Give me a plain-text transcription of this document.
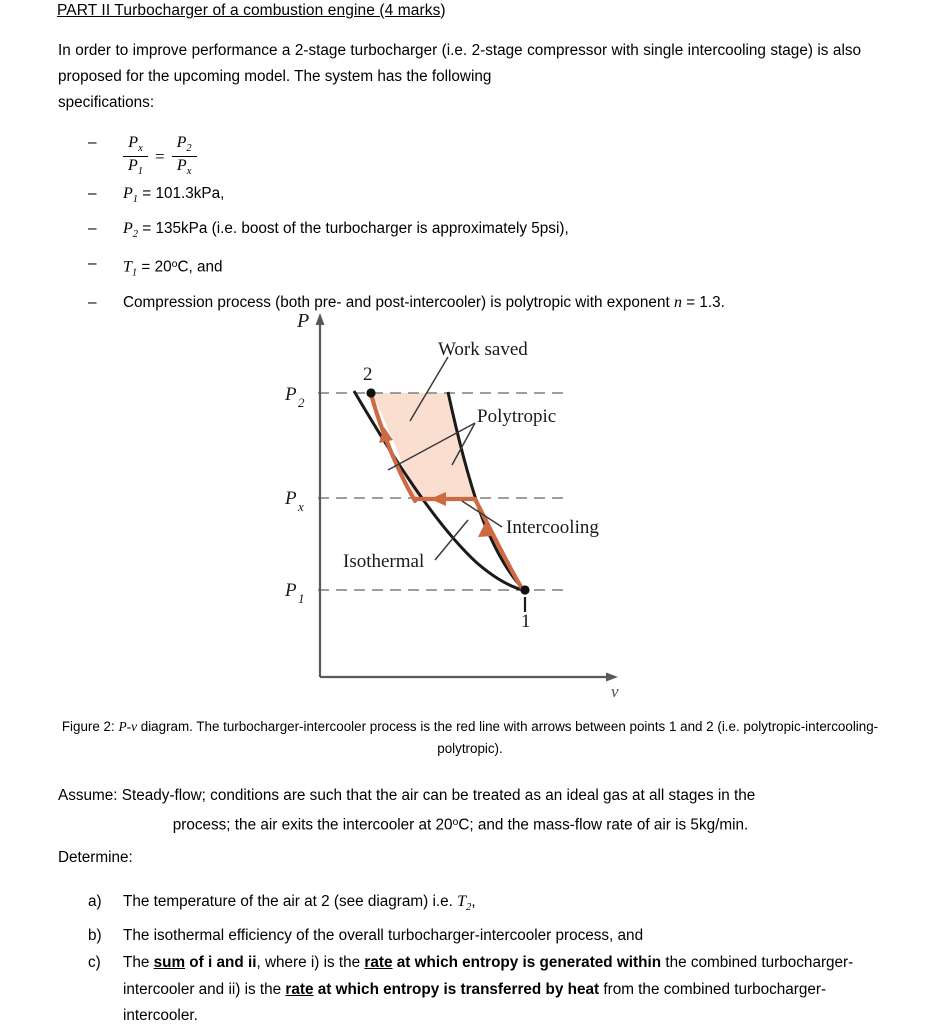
PART II Turbocharger of a combustion engine (4 marks)
In order to improve performance a 2-stage turbocharger (i.e. 2-stage compressor with single intercooling stage) is also proposed for the upcoming model. The system has the following
specifications:
–	$\frac{P_x}{P_1} = \frac{P_2}{P_x}$
–	$P_1 = 101.3kPa$,
–	$P_2 = 135kPa$ (i.e. boost of the turbocharger is approximately 5psi),
–	$T_1 = 20^oC$, and
–	Compression process (both pre- and post-intercooler) is polytropic with exponent n = 1.3.
P
v
P 2
P x
P 1
2
1
Work saved
Polytropic
Intercooling
Isothermal
Figure 2: P-v diagram. The turbocharger-intercooler process is the red line with arrows between points 1 and 2 (i.e. polytropic-intercooling-polytropic).
Assume: Steady-flow; conditions are such that the air can be treated as an ideal gas at all stages in the
process; the air exits the intercooler at 20$^o$C; and the mass-flow rate of air is 5kg/min.
Determine:
a)	The temperature of the air at 2 (see diagram) i.e. $T_2$,
b)	The isothermal efficiency of the overall turbocharger-intercooler process, and
c)	The sum of i and ii, where i) is the rate at which entropy is generated within the combined turbocharger-intercooler and ii) is the rate at which entropy is transferred by heat from the combined turbocharger-intercooler.
